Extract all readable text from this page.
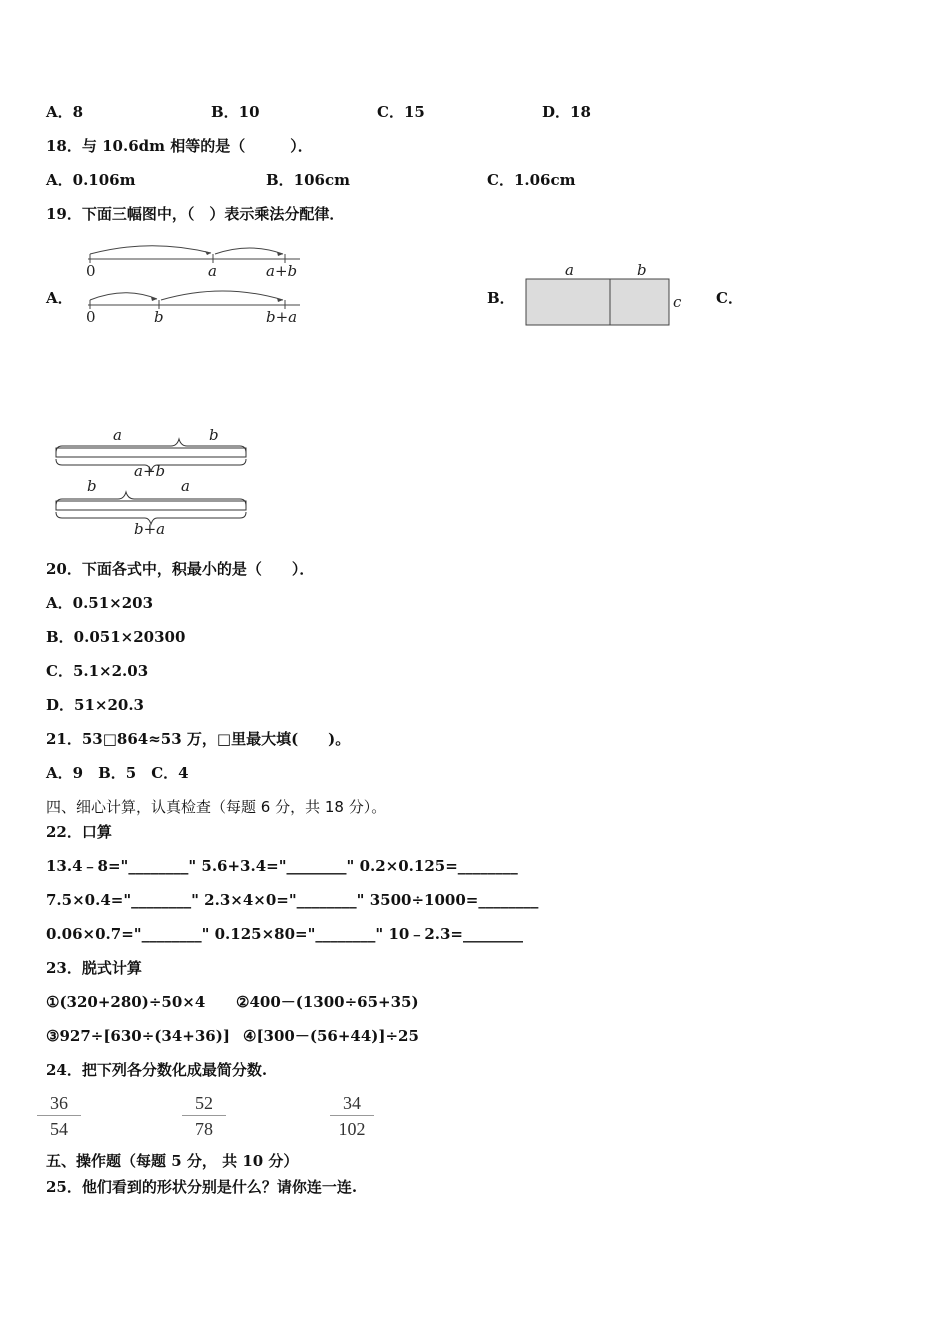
A．8	B．10	C．15	D．18
18．与 10.6dm 相等的是（　　　）．
A．0.106m	B．106cm	C．1.06cm
19．下面三幅图中，（　）表示乘法分配律．
A．	B．	C．
0	a	a+b
0	b	b+a
a	b
c
a	b
a+b
b	a
b+a
20．下面各式中，积最小的是（　　）．
A．0.51×203
B．0.051×20300
C．5.1×2.03
D．51×20.3
21．53□864≈53 万，□里最大填(　　)。
A．9　B．5　C．4
四、细心计算，认真检查（每题 6 分，共 18 分）。
22．口算
13.4﹣8="________" 5.6+3.4="________" 0.2×0.125=________
7.5×0.4="________" 2.3×4×0="________" 3500÷1000=________
0.06×0.7="________" 0.125×80="________" 10﹣2.3=________
23．脱式计算
①(320+280)÷50×4 ②400－(1300÷65+35)
③927÷[630÷(34+36)] ④[300－(56+44)]÷25
24．把下列各分数化成最简分数.
36
54
52
78
34
102
五、操作题（每题 5 分， 共 10 分）
25．他们看到的形状分别是什么？请你连一连.
